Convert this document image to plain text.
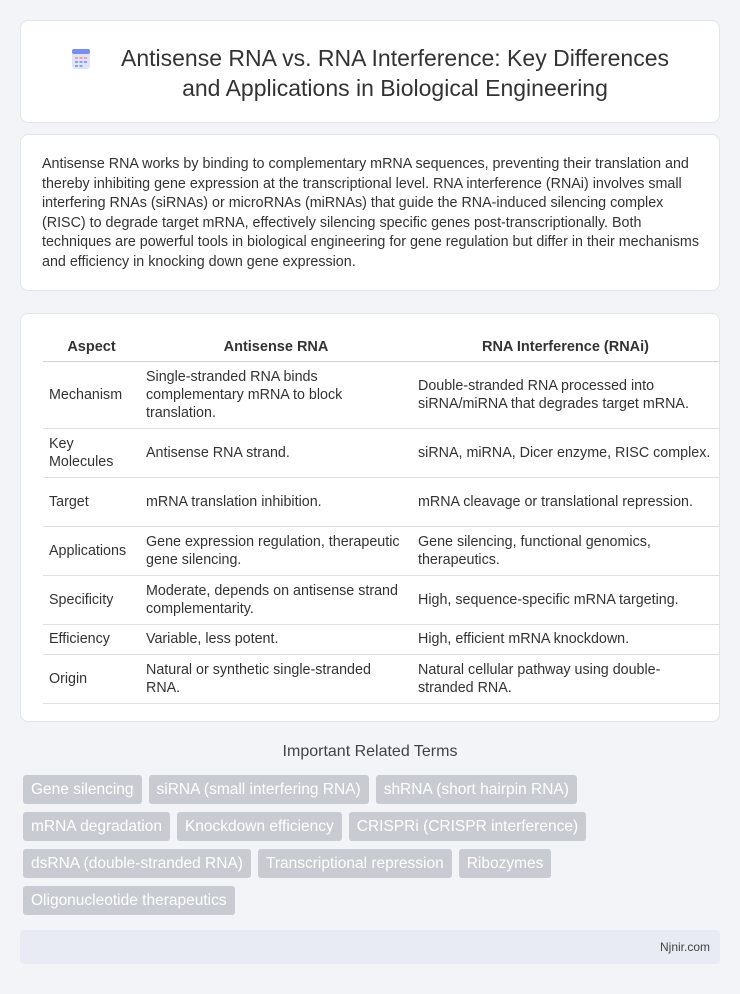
Antisense RNA vs. RNA Interference: Key Differences and Applications in Biological Engineering

Antisense RNA works by binding to complementary mRNA sequences, preventing their translation and thereby inhibiting gene expression at the transcriptional level. RNA interference (RNAi) involves small interfering RNAs (siRNAs) or microRNAs (miRNAs) that guide the RNA-induced silencing complex (RISC) to degrade target mRNA, effectively silencing specific genes post-transcriptionally. Both techniques are powerful tools in biological engineering for gene regulation but differ in their mechanisms and efficiency in knocking down gene expression.

Aspect	Antisense RNA	RNA Interference (RNAi)
Mechanism	Single-stranded RNA binds complementary mRNA to block translation.	Double-stranded RNA processed into siRNA/miRNA that degrades target mRNA.
Key Molecules	Antisense RNA strand.	siRNA, miRNA, Dicer enzyme, RISC complex.
Target	mRNA translation inhibition.	mRNA cleavage or translational repression.
Applications	Gene expression regulation, therapeutic gene silencing.	Gene silencing, functional genomics, therapeutics.
Specificity	Moderate, depends on antisense strand complementarity.	High, sequence-specific mRNA targeting.
Efficiency	Variable, less potent.	High, efficient mRNA knockdown.
Origin	Natural or synthetic single-stranded RNA.	Natural cellular pathway using double-stranded RNA.
Important Related Terms
Gene silencing	siRNA (small interfering RNA)	shRNA (short hairpin RNA)
mRNA degradation	Knockdown efficiency	CRISPRi (CRISPR interference)
dsRNA (double-stranded RNA)	Transcriptional repression	Ribozymes
Oligonucleotide therapeutics
Njnir.com
